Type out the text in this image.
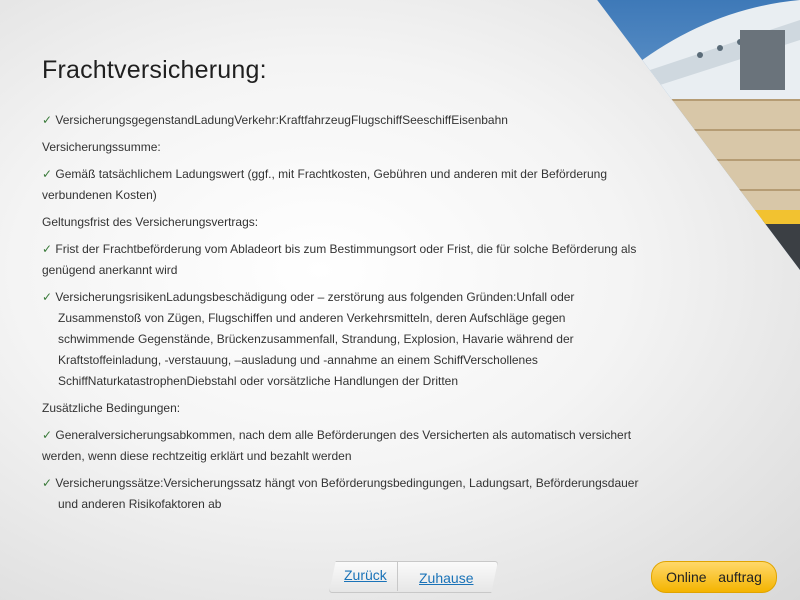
Frachtversicherung:
✓ VersicherungsgegenstandLadungVerkehr:KraftfahrzeugFlugschiffSeeschiffEisenbahn
Versicherungssumme:
✓ Gemäß tatsächlichem Ladungswert (ggf., mit Frachtkosten, Gebühren und anderen mit der Beförderung verbundenen Kosten)
Geltungsfrist des Versicherungsvertrags:
✓ Frist der Frachtbeförderung vom Abladeort bis zum Bestimmungsort oder Frist, die für solche Beförderung als genügend anerkannt wird
✓ VersicherungsrisikenLadungsbeschädigung oder – zerstörung aus folgenden Gründen:Unfall oder Zusammenstoß von Zügen, Flugschiffen und anderen Verkehrsmitteln, deren Aufschläge gegen schwimmende Gegenstände, Brückenzusammenfall, Strandung, Explosion, Havarie während der Kraftstoffeinladung, -verstauung, –ausladung und -annahme an einem SchiffVerschollenes SchiffNaturkatastrophenDiebstahl oder vorsätzliche Handlungen der Dritten
Zusätzliche Bedingungen:
✓ Generalversicherungsabkommen, nach dem alle Beförderungen des Versicherten als automatisch versichert werden, wenn diese rechtzeitig erklärt und bezahlt werden
✓ Versicherungssätze:Versicherungssatz hängt von Beförderungsbedingungen, Ladungsart, Beförderungsdauer und anderen Risikofaktoren ab
Zurück Zuhause	Online   auftrag
